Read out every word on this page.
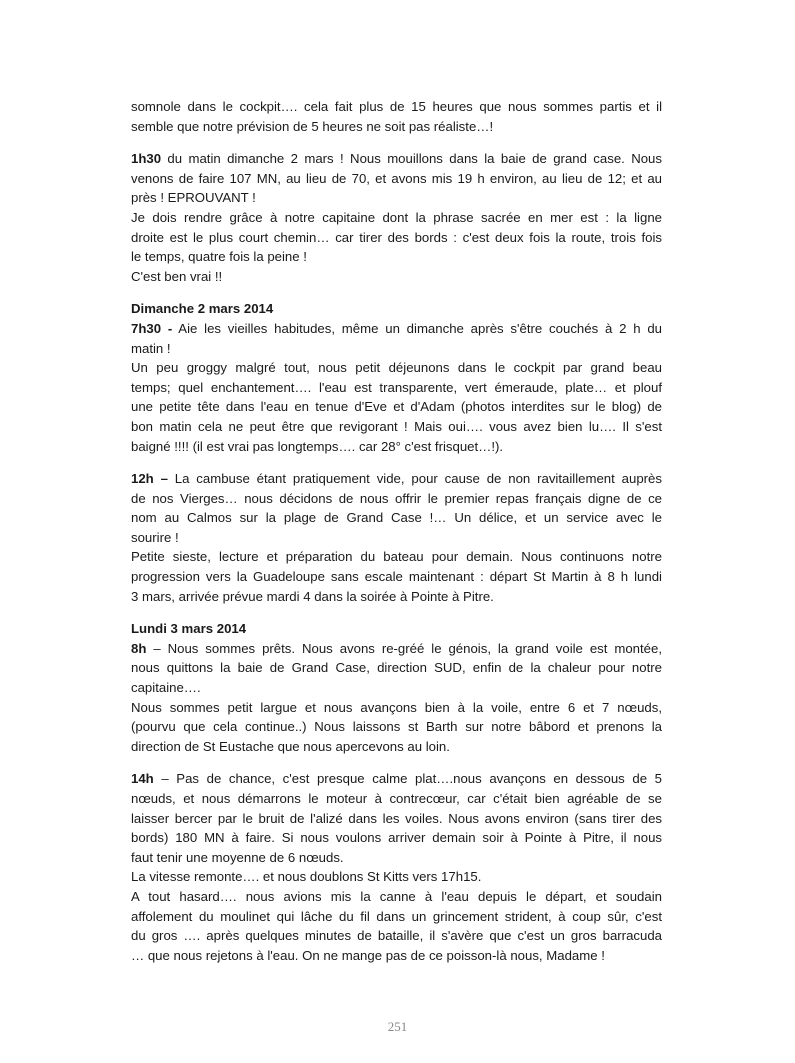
somnole dans le cockpit…. cela fait plus de 15 heures que nous sommes partis et il
semble que notre prévision de 5 heures ne soit pas réaliste…!
1h30 du matin dimanche 2 mars ! Nous mouillons dans la baie de grand case. Nous
venons de faire 107 MN, au lieu de 70, et avons mis 19 h environ, au lieu de 12; et au
près ! EPROUVANT !
Je dois rendre grâce à notre capitaine dont la phrase sacrée en mer est : la ligne
droite est le plus court chemin… car tirer des bords : c'est deux fois la route, trois fois
le temps, quatre fois la peine !
C'est ben vrai !!
Dimanche 2 mars 2014
7h30 - Aie les vieilles habitudes, même un dimanche après s'être couchés à 2 h du
matin !
Un peu groggy malgré tout, nous petit déjeunons dans le cockpit par grand beau
temps; quel enchantement…. l'eau est transparente, vert émeraude, plate… et plouf
une petite tête dans l'eau en tenue d'Eve et d'Adam (photos interdites sur le blog) de
bon matin cela ne peut être que revigorant ! Mais oui…. vous avez bien lu…. Il s'est
baigné !!!! (il est vrai pas longtemps…. car 28° c'est frisquet…!).
12h – La cambuse étant pratiquement vide, pour cause de non ravitaillement auprès
de nos Vierges… nous décidons de nous offrir le premier repas français digne de ce
nom au Calmos sur la plage de Grand Case !… Un délice, et un service avec le
sourire !
Petite sieste, lecture et préparation du bateau pour demain. Nous continuons notre
progression vers la Guadeloupe sans escale maintenant : départ St Martin à 8 h lundi
3 mars, arrivée prévue mardi 4 dans la soirée à Pointe à Pitre.
Lundi 3 mars 2014
8h – Nous sommes prêts. Nous avons re-gréé le génois, la grand voile est montée,
nous quittons la baie de Grand Case, direction SUD, enfin de la chaleur pour notre
capitaine….
Nous sommes petit largue et nous avançons bien à la voile, entre 6 et 7 nœuds,
(pourvu que cela continue..) Nous laissons st Barth sur notre bâbord et prenons la
direction de St Eustache que nous apercevons au loin.
14h – Pas de chance, c'est presque calme plat….nous avançons en dessous de 5
nœuds, et nous démarrons le moteur à contrecœur, car c'était bien agréable de se
laisser bercer par le bruit de l'alizé dans les voiles. Nous avons environ (sans tirer des
bords) 180 MN à faire. Si nous voulons arriver demain soir à Pointe à Pitre, il nous
faut tenir une moyenne de 6 nœuds.
La vitesse remonte…. et nous doublons St Kitts vers 17h15.
A tout hasard…. nous avions mis la canne à l'eau depuis le départ, et soudain
affolement du moulinet qui lâche du fil dans un grincement strident, à coup sûr, c'est
du gros …. après quelques minutes de bataille, il s'avère que c'est un gros barracuda
… que nous rejetons à l'eau. On ne mange pas de ce poisson-là nous, Madame !
251
